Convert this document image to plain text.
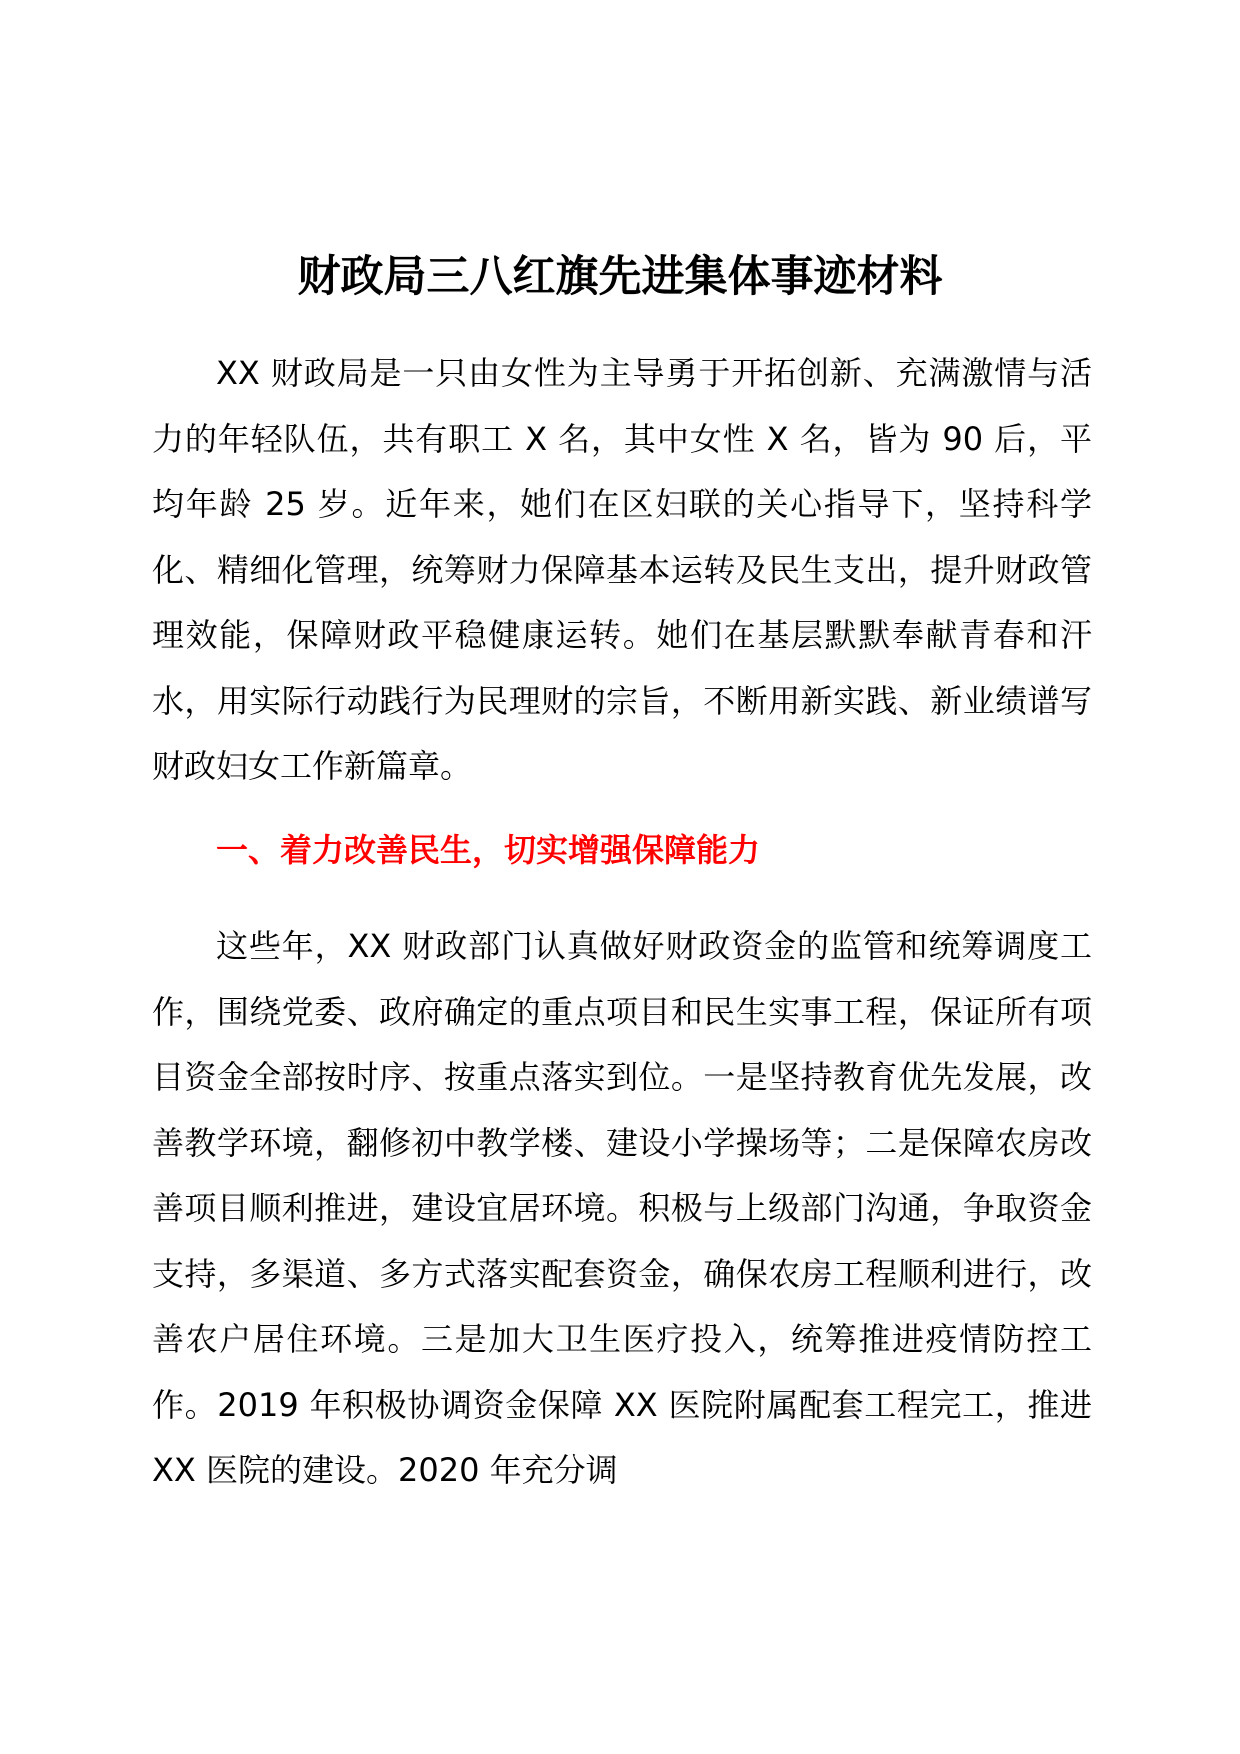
财政局三八红旗先进集体事迹材料

XX 财政局是一只由女性为主导勇于开拓创新、充满激情与活力的年轻队伍，共有职工 X 名，其中女性 X 名，皆为 90 后，平均年龄 25 岁。近年来，她们在区妇联的关心指导下，坚持科学化、精细化管理，统筹财力保障基本运转及民生支出，提升财政管理效能，保障财政平稳健康运转。她们在基层默默奉献青春和汗水，用实际行动践行为民理财的宗旨，不断用新实践、新业绩谱写财政妇女工作新篇章。

一、着力改善民生，切实增强保障能力

这些年，XX 财政部门认真做好财政资金的监管和统筹调度工作，围绕党委、政府确定的重点项目和民生实事工程，保证所有项目资金全部按时序、按重点落实到位。一是坚持教育优先发展，改善教学环境，翻修初中教学楼、建设小学操场等；二是保障农房改善项目顺利推进，建设宜居环境。积极与上级部门沟通，争取资金支持，多渠道、多方式落实配套资金，确保农房工程顺利进行，改善农户居住环境。三是加大卫生医疗投入，统筹推进疫情防控工作。2019 年积极协调资金保障 XX 医院附属配套工程完工，推进 XX 医院的建设。2020 年充分调
